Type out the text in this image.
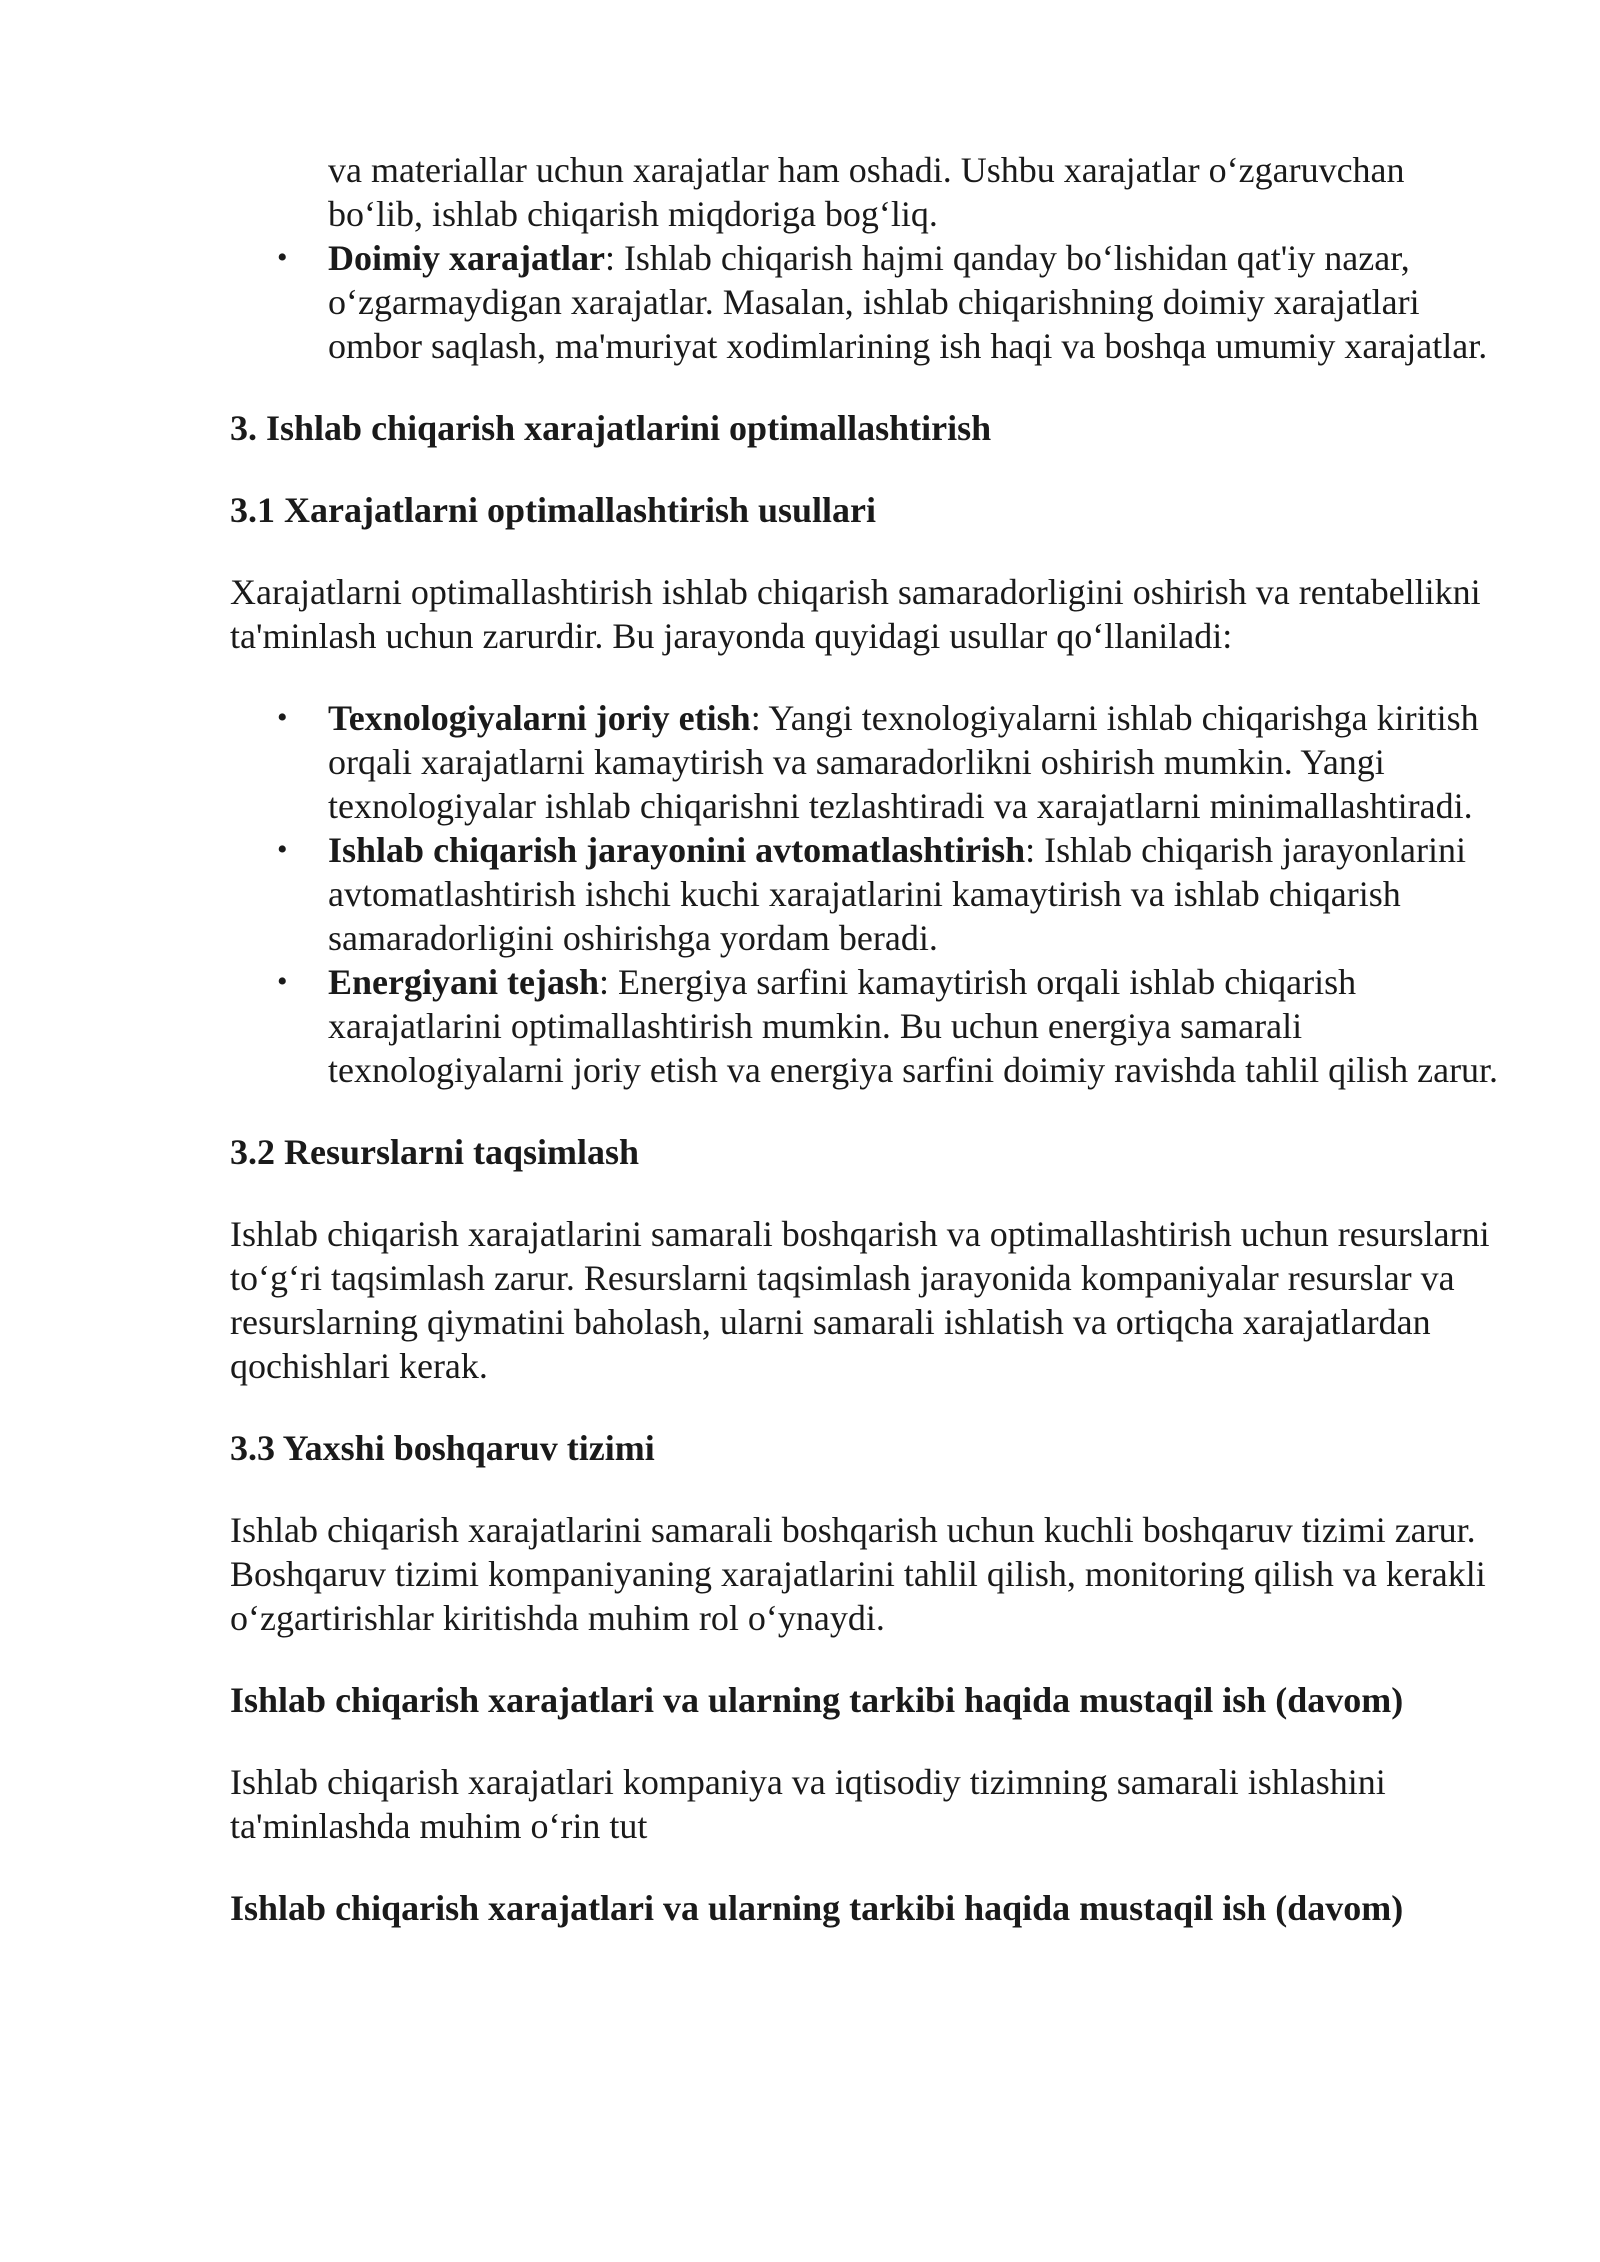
va materiallar uchun xarajatlar ham oshadi. Ushbu xarajatlar o‘zgaruvchan bo‘lib, ishlab chiqarish miqdoriga bog‘liq.
• Doimiy xarajatlar: Ishlab chiqarish hajmi qanday bo‘lishidan qat'iy nazar, o‘zgarmaydigan xarajatlar. Masalan, ishlab chiqarishning doimiy xarajatlari ombor saqlash, ma'muriyat xodimlarining ish haqi va boshqa umumiy xarajatlar.
3. Ishlab chiqarish xarajatlarini optimallashtirish
3.1 Xarajatlarni optimallashtirish usullari

Xarajatlarni optimallashtirish ishlab chiqarish samaradorligini oshirish va rentabellikni ta'minlash uchun zarurdir. Bu jarayonda quyidagi usullar qo‘llaniladi:

• Texnologiyalarni joriy etish: Yangi texnologiyalarni ishlab chiqarishga kiritish orqali xarajatlarni kamaytirish va samaradorlikni oshirish mumkin. Yangi texnologiyalar ishlab chiqarishni tezlashtiradi va xarajatlarni minimallashtiradi.
• Ishlab chiqarish jarayonini avtomatlashtirish: Ishlab chiqarish jarayonlarini avtomatlashtirish ishchi kuchi xarajatlarini kamaytirish va ishlab chiqarish samaradorligini oshirishga yordam beradi.
• Energiyani tejash: Energiya sarfini kamaytirish orqali ishlab chiqarish xarajatlarini optimallashtirish mumkin. Bu uchun energiya samarali texnologiyalarni joriy etish va energiya sarfini doimiy ravishda tahlil qilish zarur.
3.2 Resurslarni taqsimlash

Ishlab chiqarish xarajatlarini samarali boshqarish va optimallashtirish uchun resurslarni to‘g‘ri taqsimlash zarur. Resurslarni taqsimlash jarayonida kompaniyalar resurslar va resurslarning qiymatini baholash, ularni samarali ishlatish va ortiqcha xarajatlardan qochishlari kerak.

3.3 Yaxshi boshqaruv tizimi

Ishlab chiqarish xarajatlarini samarali boshqarish uchun kuchli boshqaruv tizimi zarur. Boshqaruv tizimi kompaniyaning xarajatlarini tahlil qilish, monitoring qilish va kerakli o‘zgartirishlar kiritishda muhim rol o‘ynaydi.

Ishlab chiqarish xarajatlari va ularning tarkibi haqida mustaqil ish (davom)

Ishlab chiqarish xarajatlari kompaniya va iqtisodiy tizimning samarali ishlashini ta'minlashda muhim o‘rin tut

Ishlab chiqarish xarajatlari va ularning tarkibi haqida mustaqil ish (davom)
